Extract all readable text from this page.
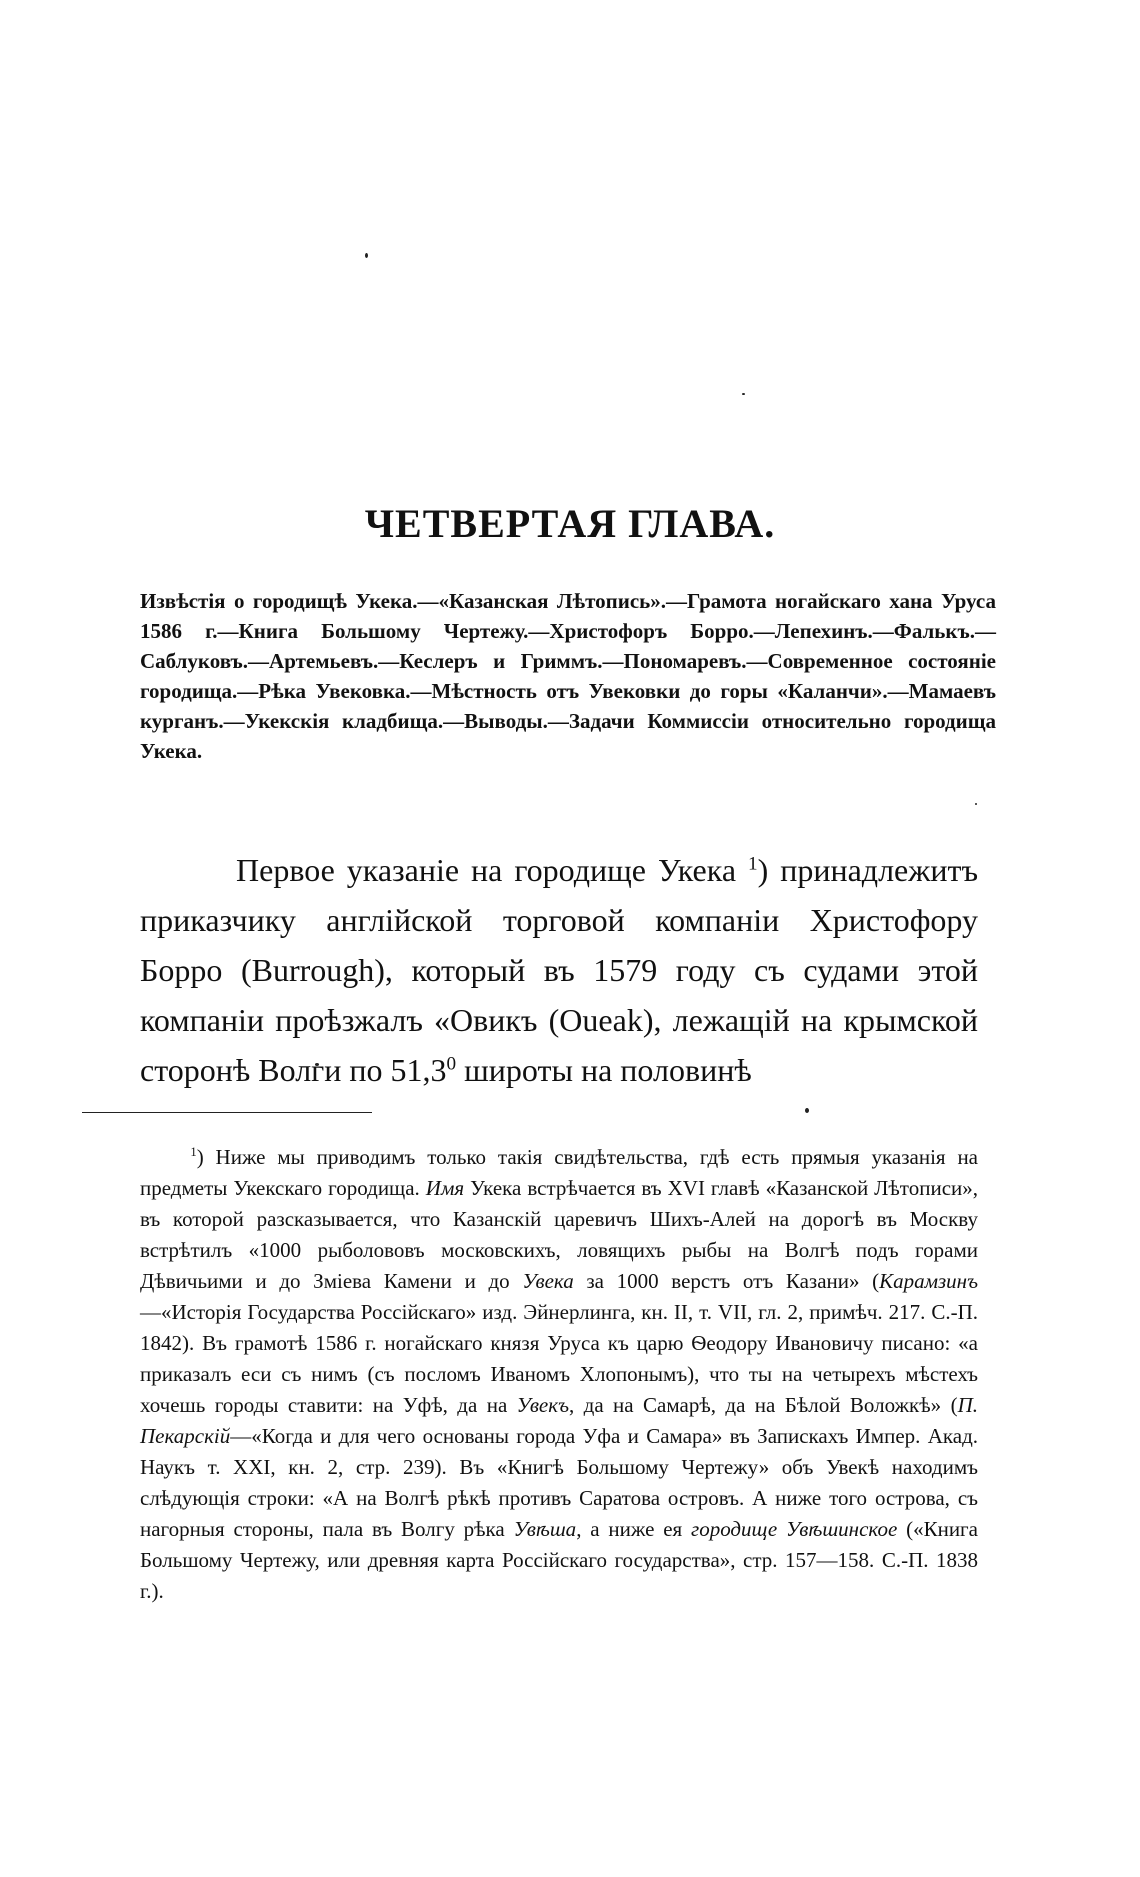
ЧЕТВЕРТАЯ ГЛАВА.

Извѣстія о городищѣ Укека.—«Казанская Лѣтопись».—Грамота ногайскаго хана Уруса 1586 г.—Книга Большому Чертежу.—Христофоръ Борро.—Лепехинъ.—Фалькъ.—Саблуковъ.—Артемьевъ.—Кеслеръ и Гриммъ.—Пономаревъ.—Современное состояніе городища.—Рѣка Увековка.—Мѣстность отъ Увековки до горы «Каланчи».—Мамаевъ курганъ.—Укекскія кладбища.—Выводы.—Задачи Коммиссіи относительно городища Укека.

Первое указаніе на городище Укека $^1$) принадлежитъ приказчику англійской торговой компаніи Христофору Борро (Burrough), который въ 1579 году съ судами этой компаніи проѣзжалъ «Овикъ (Oueak), лежащій на крымской сторонѣ Волги по 51,3$^0$ широты на половинѣ

$^1$) Ниже мы приводимъ только такія свидѣтельства, гдѣ есть прямыя указанія на предметы Укекскаго городища. Имя Укека встрѣчается въ XVI главѣ «Казанской Лѣтописи», въ которой разсказывается, что Казанскій царевичъ Шихъ-Алей на дорогѣ въ Москву встрѣтилъ «1000 рыболововъ московскихъ, ловящихъ рыбы на Волгѣ подъ горами Дѣвичьими и до Зміева Камени и до Увека за 1000 верстъ отъ Казани» (Карамзинъ—«Исторія Государства Россійскаго» изд. Эйнерлинга, кн. II, т. VII, гл. 2, примѣч. 217. С.-П. 1842). Въ грамотѣ 1586 г. ногайскаго князя Уруса къ царю Ѳеодору Ивановичу писано: «а приказалъ еси съ нимъ (съ посломъ Иваномъ Хлопонымъ), что ты на четырехъ мѣстехъ хочешь городы ставити: на Уфѣ, да на Увекъ, да на Самарѣ, да на Бѣлой Воложкѣ» (П. Пекарскій—«Когда и для чего основаны города Уфа и Самара» въ Запискахъ Импер. Акад. Наукъ т. XXI, кн. 2, стр. 239). Въ «Книгѣ Большому Чертежу» объ Увекѣ находимъ слѣдующія строки: «А на Волгѣ рѣкѣ противъ Саратова островъ. А ниже того острова, съ нагорныя стороны, пала въ Волгу рѣка Увѣша, а ниже ея городище Увѣшинское («Книга Большому Чертежу, или древняя карта Россійскаго государства», стр. 157—158. С.-П. 1838 г.).
